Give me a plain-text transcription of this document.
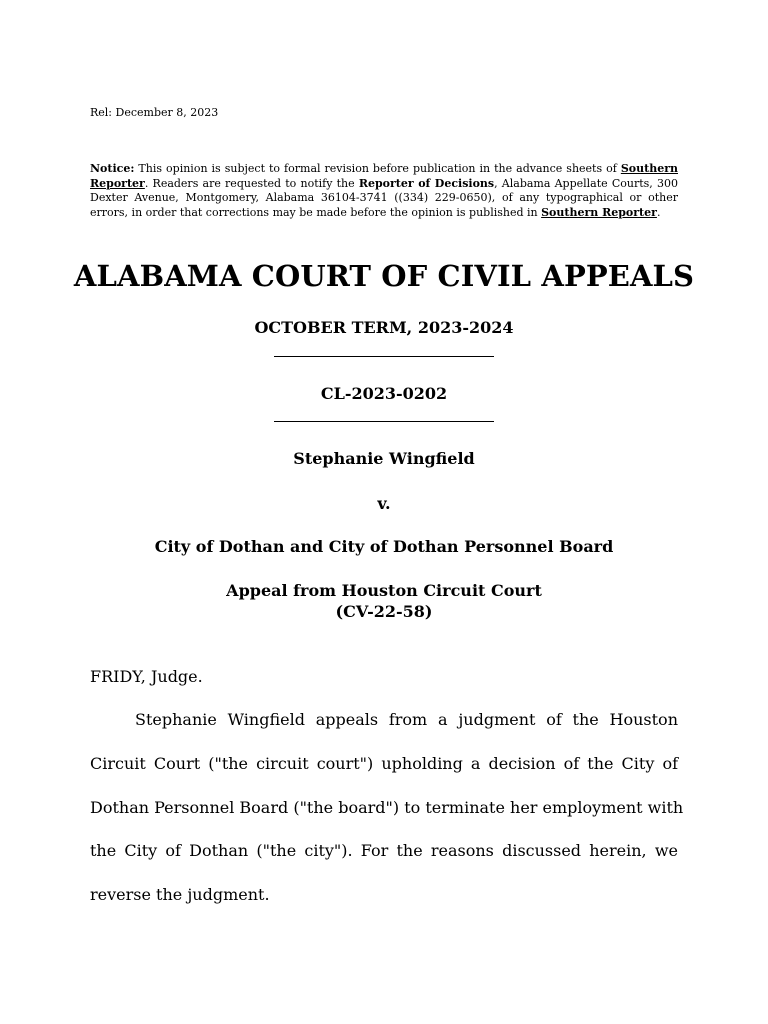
Rel: December 8, 2023
Notice: This opinion is subject to formal revision before publication in the advance sheets of Southern Reporter. Readers are requested to notify the Reporter of Decisions, Alabama Appellate Courts, 300 Dexter Avenue, Montgomery, Alabama 36104-3741 ((334) 229-0650), of any typographical or other errors, in order that corrections may be made before the opinion is published in Southern Reporter.
ALABAMA COURT OF CIVIL APPEALS
OCTOBER TERM, 2023-2024
CL-2023-0202
Stephanie Wingfield
v.
City of Dothan and City of Dothan Personnel Board
Appeal from Houston Circuit Court
(CV-22-58)
FRIDY, Judge.
Stephanie Wingfield appeals from a judgment of the Houston
Circuit Court ("the circuit court") upholding a decision of the City of
Dothan Personnel Board ("the board") to terminate her employment with
the City of Dothan ("the city"). For the reasons discussed herein, we
reverse the judgment.
